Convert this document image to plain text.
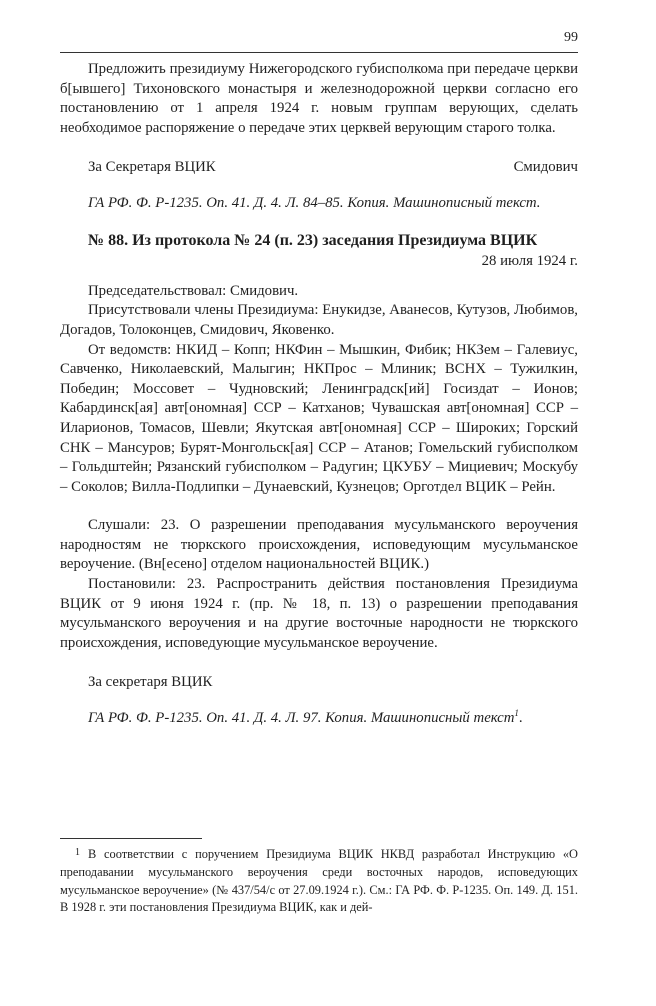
99

Предложить президиуму Нижегородского губисполкома при передаче церкви б[ывшего] Тихоновского монастыря и железнодорожной церкви согласно его постановлению от 1 апреля 1924 г. новым группам верующих, сделать необходимое распоряжение о передаче этих церквей верующим старого толка.

За Секретаря ВЦИК	Смидович

ГА РФ. Ф. Р-1235. Оп. 41. Д. 4. Л. 84–85. Копия. Машинописный текст.

№ 88. Из протокола № 24 (п. 23) заседания Президиума ВЦИК

28 июля 1924 г.

Председательствовал: Смидович.

Присутствовали члены Президиума: Енукидзе, Аванесов, Кутузов, Любимов, Догадов, Толоконцев, Смидович, Яковенко.

От ведомств: НКИД – Копп; НКФин – Мышкин, Фибик; НКЗем – Галевиус, Савченко, Николаевский, Малыгин; НКПрос – Млиник; ВСНХ – Тужилкин, Победин; Моссовет – Чудновский; Ленинградск[ий] Госиздат – Ионов; Кабардинск[ая] авт[ономная] ССР – Катханов; Чувашская авт[ономная] ССР – Иларионов, Томасов, Шевли; Якутская авт[ономная] ССР – Широких; Горский СНК – Мансуров; Бурят-Монгольск[ая] ССР – Атанов; Гомельский губисполком – Гольдштейн; Рязанский губисполком – Радугин; ЦКУБУ – Мициевич; Москубу – Соколов; Вилла-Подлипки – Дунаевский, Кузнецов; Орготдел ВЦИК – Рейн.

Слушали: 23. О разрешении преподавания мусульманского вероучения народностям не тюркского происхождения, исповедующим мусульманское вероучение. (Вн[есено] отделом национальностей ВЦИК.)

Постановили: 23. Распространить действия постановления Президиума ВЦИК от 9 июня 1924 г. (пр. № 18, п. 13) о разрешении преподавания мусульманского вероучения и на другие восточные народности не тюркского происхождения, исповедующие мусульманское вероучение.

За секретаря ВЦИК

ГА РФ. Ф. Р-1235. Оп. 41. Д. 4. Л. 97. Копия. Машинописный текст$^1$.

1 В соответствии с поручением Президиума ВЦИК НКВД разработал Инструкцию «О преподавании мусульманского вероучения среди восточных народов, исповедующих мусульманское вероучение» (№ 437/54/с от 27.09.1924 г.). См.: ГА РФ. Ф. Р-1235. Оп. 149. Д. 151. В 1928 г. эти постановления Президиума ВЦИК, как и дей-
